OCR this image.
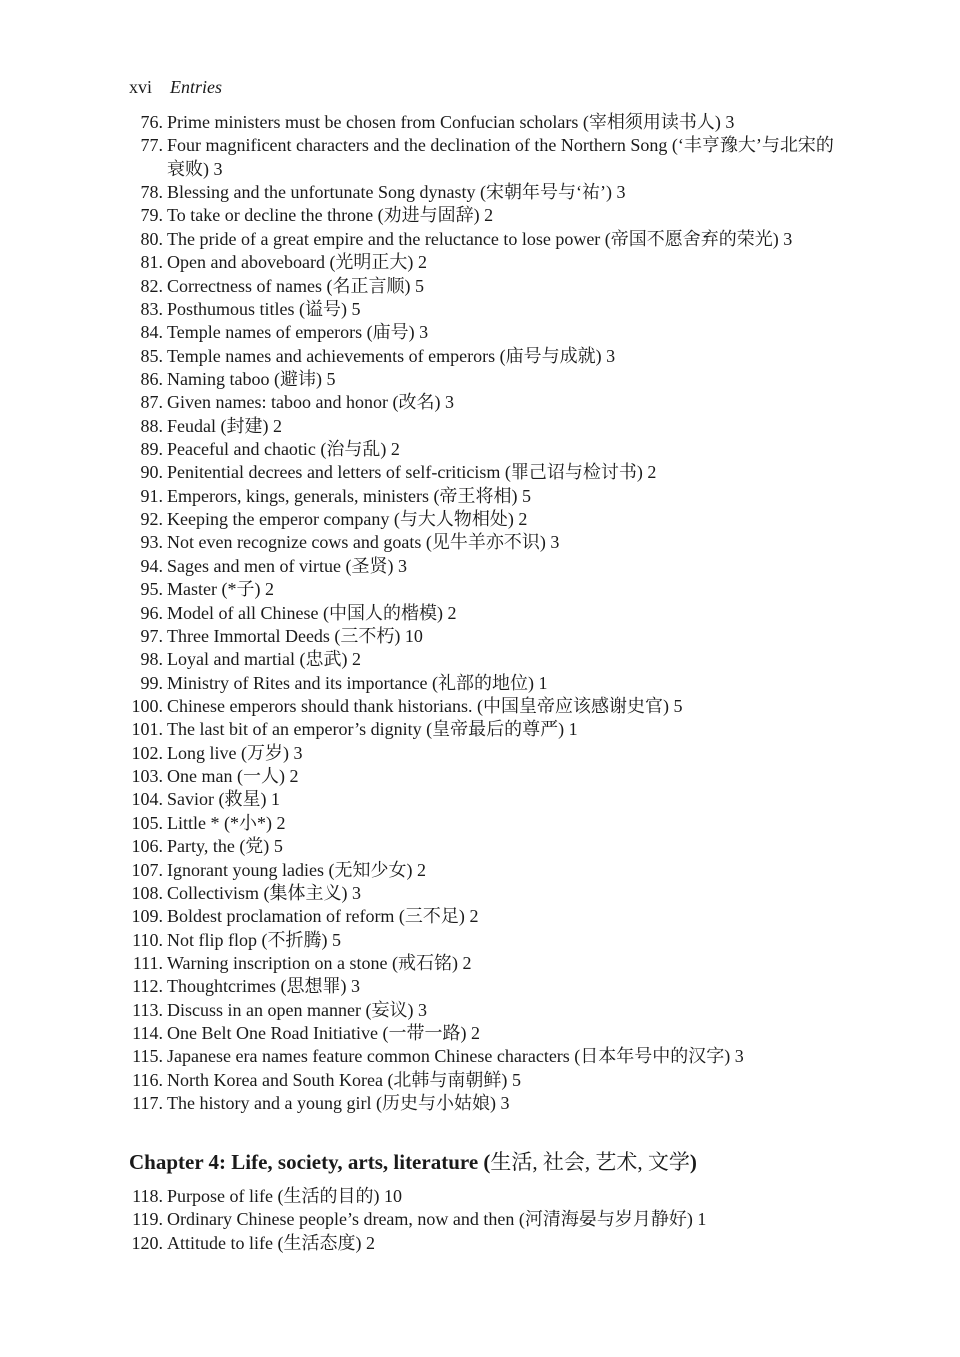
xvi Entries
76. Prime ministers must be chosen from Confucian scholars (宰相须用读书人) 3
77. Four magnificent characters and the declination of the Northern Song (‘丰亨豫大’与北宋的衰败) 3
78. Blessing and the unfortunate Song dynasty (宋朝年号与‘祐’) 3
79. To take or decline the throne (劝进与固辞) 2
80. The pride of a great empire and the reluctance to lose power (帝国不愿舍弃的荣光) 3
81. Open and aboveboard (光明正大) 2
82. Correctness of names (名正言顺) 5
83. Posthumous titles (谥号) 5
84. Temple names of emperors (庙号) 3
85. Temple names and achievements of emperors (庙号与成就) 3
86. Naming taboo (避讳) 5
87. Given names: taboo and honor (改名) 3
88. Feudal (封建) 2
89. Peaceful and chaotic (治与乱) 2
90. Penitential decrees and letters of self-criticism (罪己诏与检讨书) 2
91. Emperors, kings, generals, ministers (帝王将相) 5
92. Keeping the emperor company (与大人物相处) 2
93. Not even recognize cows and goats (见牛羊亦不识) 3
94. Sages and men of virtue (圣贤) 3
95. Master (*子) 2
96. Model of all Chinese (中国人的楷模) 2
97. Three Immortal Deeds (三不朽) 10
98. Loyal and martial (忠武) 2
99. Ministry of Rites and its importance (礼部的地位) 1
100. Chinese emperors should thank historians. (中国皇帝应该感谢史官) 5
101. The last bit of an emperor’s dignity (皇帝最后的尊严) 1
102. Long live (万岁) 3
103. One man (一人) 2
104. Savior (救星) 1
105. Little * (*小*) 2
106. Party, the (党) 5
107. Ignorant young ladies (无知少女) 2
108. Collectivism (集体主义) 3
109. Boldest proclamation of reform (三不足) 2
110. Not flip flop (不折腾) 5
111. Warning inscription on a stone (戒石铭) 2
112. Thoughtcrimes (思想罪) 3
113. Discuss in an open manner (妄议) 3
114. One Belt One Road Initiative (一带一路) 2
115. Japanese era names feature common Chinese characters (日本年号中的汉字) 3
116. North Korea and South Korea (北韩与南朝鲜) 5
117. The history and a young girl (历史与小姑娘) 3
Chapter 4: Life, society, arts, literature (生活, 社会, 艺术, 文学)
118. Purpose of life (生活的目的) 10
119. Ordinary Chinese people’s dream, now and then (河清海晏与岁月静好) 1
120. Attitude to life (生活态度) 2
